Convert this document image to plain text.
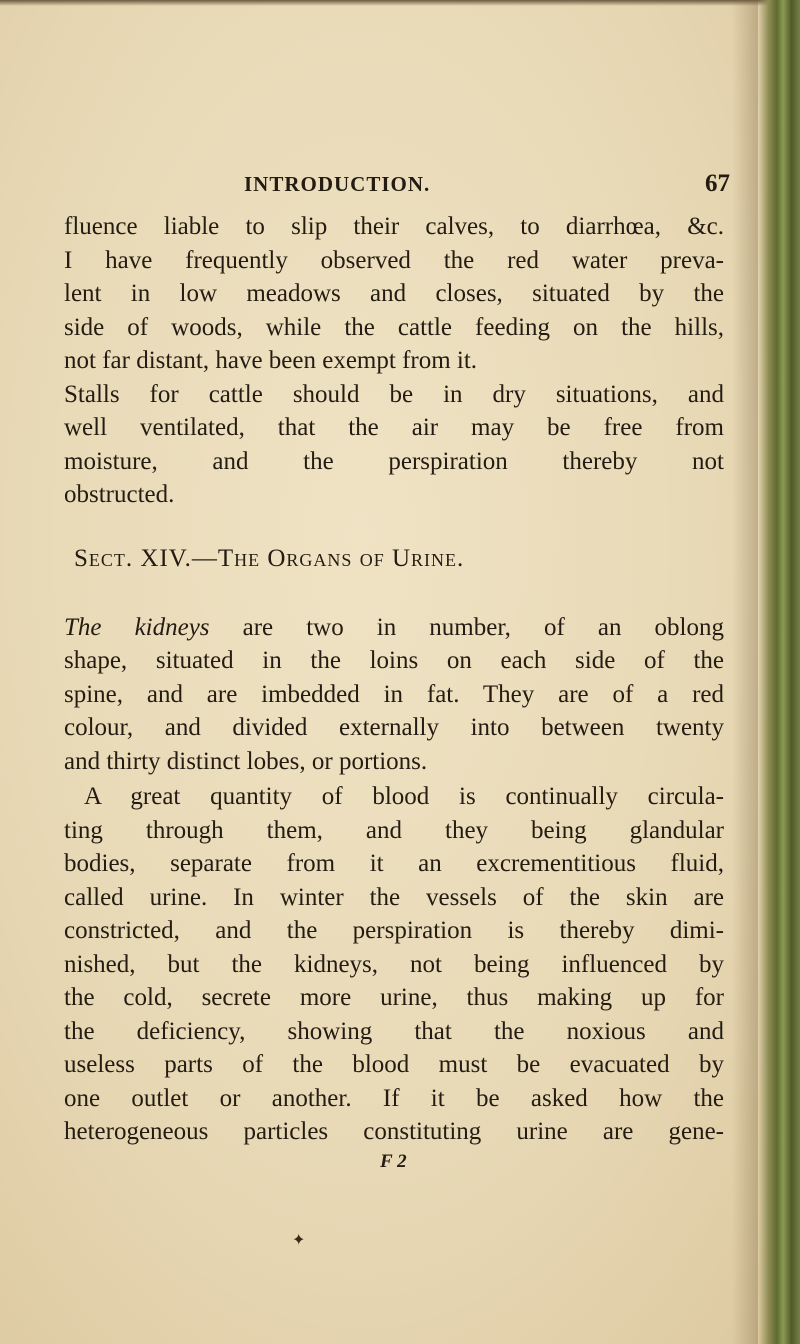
INTRODUCTION.	67

fluence liable to slip their calves, to diarrhœa, &c.
I have frequently observed the red water preva-
lent in low meadows and closes, situated by the
side of woods, while the cattle feeding on the hills,
not far distant, have been exempt from it.

Stalls for cattle should be in dry situations, and
well ventilated, that the air may be free from
moisture, and the perspiration thereby not
obstructed.

Sect. XIV.—The Organs of Urine.

The kidneys are two in number, of an oblong
shape, situated in the loins on each side of the
spine, and are imbedded in fat. They are of a red
colour, and divided externally into between twenty
and thirty distinct lobes, or portions.

A great quantity of blood is continually circula-
ting through them, and they being glandular
bodies, separate from it an excrementitious fluid,
called urine. In winter the vessels of the skin are
constricted, and the perspiration is thereby dimi-
nished, but the kidneys, not being influenced by
the cold, secrete more urine, thus making up for
the deficiency, showing that the noxious and
useless parts of the blood must be evacuated by
one outlet or another. If it be asked how the
heterogeneous particles constituting urine are gene-

F 2
✦
